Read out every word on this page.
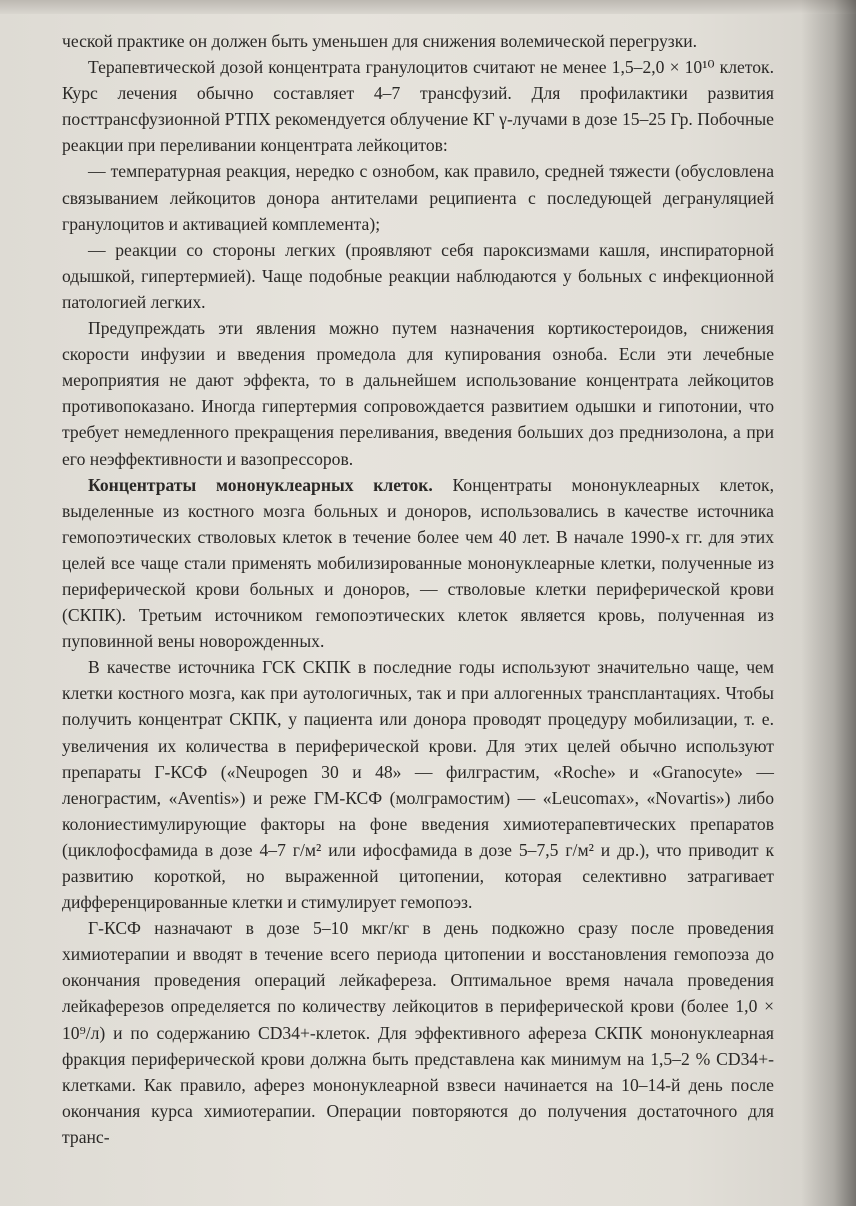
ческой практике он должен быть уменьшен для снижения волемической перегрузки.

Терапевтической дозой концентрата гранулоцитов считают не менее 1,5–2,0 × 10¹⁰ клеток. Курс лечения обычно составляет 4–7 трансфузий. Для профилактики развития посттрансфузионной РТПХ рекомендуется облучение КГ γ-лучами в дозе 15–25 Гр. Побочные реакции при переливании концентрата лейкоцитов:

— температурная реакция, нередко с ознобом, как правило, средней тяжести (обусловлена связыванием лейкоцитов донора антителами реципиента с последующей дегрануляцией гранулоцитов и активацией комплемента);

— реакции со стороны легких (проявляют себя пароксизмами кашля, инспираторной одышкой, гипертермией). Чаще подобные реакции наблюдаются у больных с инфекционной патологией легких.

Предупреждать эти явления можно путем назначения кортикостероидов, снижения скорости инфузии и введения промедола для купирования озноба. Если эти лечебные мероприятия не дают эффекта, то в дальнейшем использование концентрата лейкоцитов противопоказано. Иногда гипертермия сопровождается развитием одышки и гипотонии, что требует немедленного прекращения переливания, введения больших доз преднизолона, а при его неэффективности и вазопрессоров.

Концентраты мононуклеарных клеток. Концентраты мононуклеарных клеток, выделенные из костного мозга больных и доноров, использовались в качестве источника гемопоэтических стволовых клеток в течение более чем 40 лет. В начале 1990-х гг. для этих целей все чаще стали применять мобилизированные мононуклеарные клетки, полученные из периферической крови больных и доноров, — стволовые клетки периферической крови (СКПК). Третьим источником гемопоэтических клеток является кровь, полученная из пуповинной вены новорожденных.

В качестве источника ГСК СКПК в последние годы используют значительно чаще, чем клетки костного мозга, как при аутологичных, так и при аллогенных трансплантациях. Чтобы получить концентрат СКПК, у пациента или донора проводят процедуру мобилизации, т. е. увеличения их количества в периферической крови. Для этих целей обычно используют препараты Г-КСФ («Neupogen 30 и 48» — филграстим, «Roche» и «Granocyte» — ленограстим, «Aventis») и реже ГМ-КСФ (молграмостим) — «Leucomax», «Novartis») либо колониестимулирующие факторы на фоне введения химиотерапевтических препаратов (циклофосфамида в дозе 4–7 г/м² или ифосфамида в дозе 5–7,5 г/м² и др.), что приводит к развитию короткой, но выраженной цитопении, которая селективно затрагивает дифференцированные клетки и стимулирует гемопоэз.

Г-КСФ назначают в дозе 5–10 мкг/кг в день подкожно сразу после проведения химиотерапии и вводят в течение всего периода цитопении и восстановления гемопоэза до окончания проведения операций лейкафереза. Оптимальное время начала проведения лейкаферезов определяется по количеству лейкоцитов в периферической крови (более 1,0 × 10⁹/л) и по содержанию CD34+-клеток. Для эффективного афереза СКПК мононуклеарная фракция периферической крови должна быть представлена как минимум на 1,5–2 % CD34+-клетками. Как правило, аферез мононуклеарной взвеси начинается на 10–14-й день после окончания курса химиотерапии. Операции повторяются до получения достаточного для транс-
